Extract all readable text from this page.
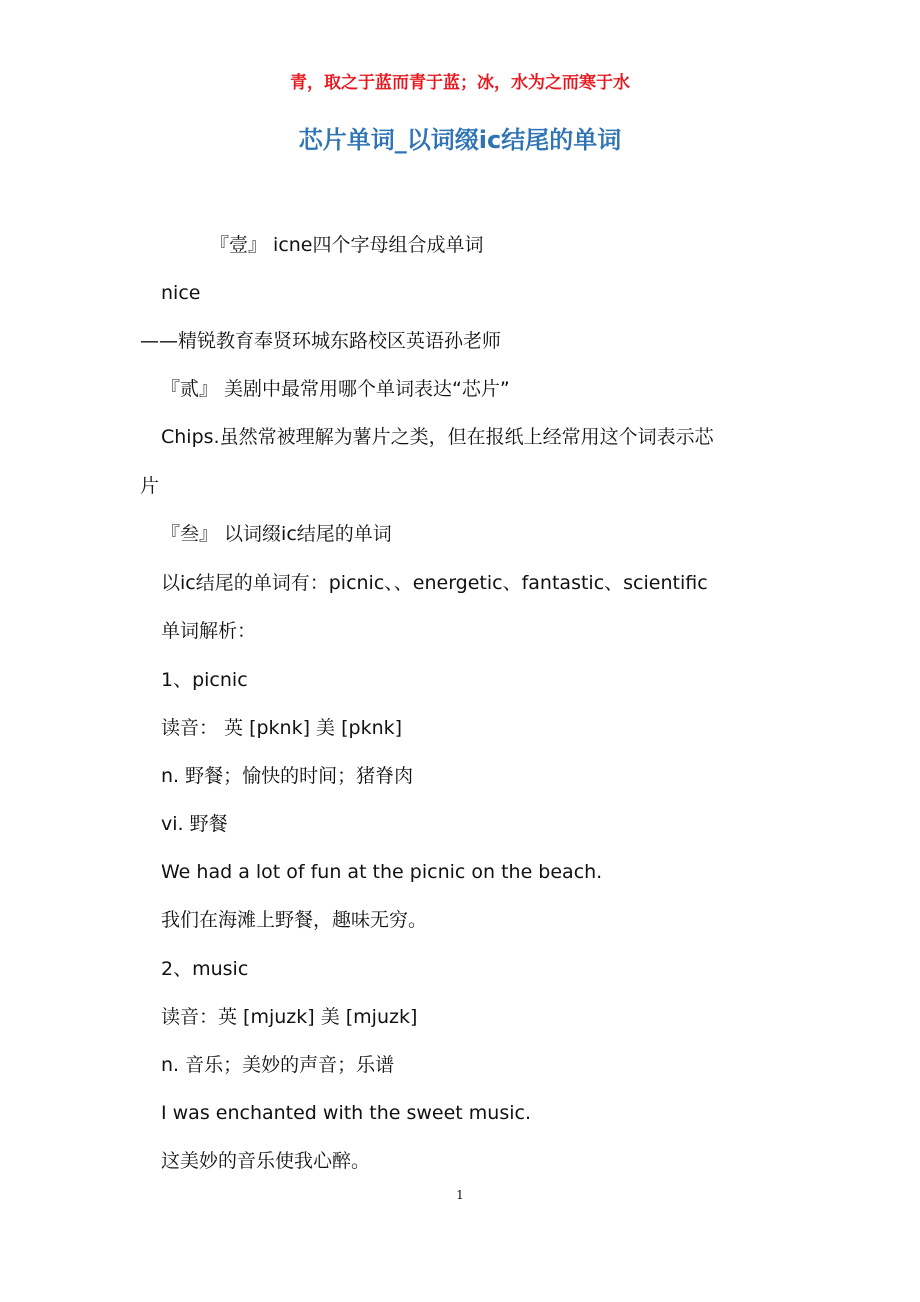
青，取之于蓝而青于蓝；冰，水为之而寒于水
芯片单词_以词缀ic结尾的单词
『壹』 icne四个字母组合成单词
nice
——精锐教育奉贤环城东路校区英语孙老师
『贰』 美剧中最常用哪个单词表达“芯片”
Chips.虽然常被理解为薯片之类，但在报纸上经常用这个词表示芯
片
『叁』 以词缀ic结尾的单词
以ic结尾的单词有：picnic、、energetic、fantastic、scientific
单词解析：
1、picnic
读音： 英 [pknk] 美 [pknk]
n. 野餐；愉快的时间；猪脊肉
vi. 野餐
We had a lot of fun at the picnic on the beach.
我们在海滩上野餐，趣味无穷。
2、music
读音：英 [mjuzk] 美 [mjuzk]
n. 音乐；美妙的声音；乐谱
I was enchanted with the sweet music.
这美妙的音乐使我心醉。
1
